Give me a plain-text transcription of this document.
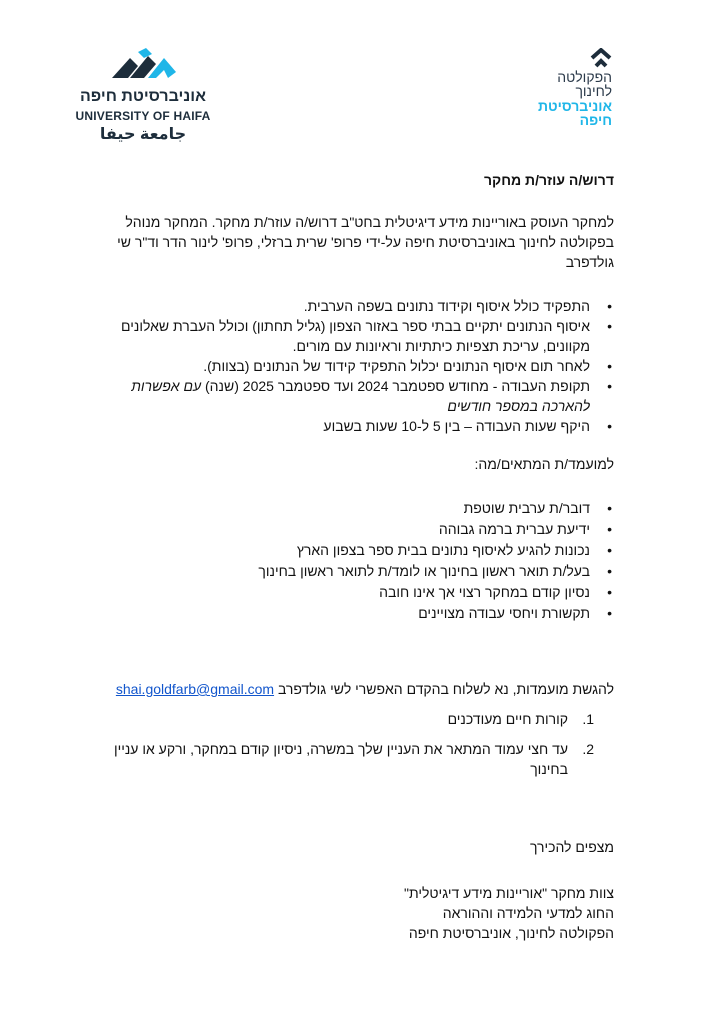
אוניברסיטת חיפה
UNIVERSITY OF HAIFA
جامعة حيفا
הפקולטה
לחינוך
אוניברסיטת
חיפה

דרוש/ה עוזר/ת מחקר

למחקר העוסק באוריינות מידע דיגיטלית בחט"ב דרוש/ה עוזר/ת מחקר. המחקר מנוהל בפקולטה לחינוך באוניברסיטת חיפה על-ידי פרופ' שרית ברזלי, פרופ' לינור הדר וד"ר שי גולדפרב

• התפקיד כולל איסוף וקידוד נתונים בשפה הערבית.
• איסוף הנתונים יתקיים בבתי ספר באזור הצפון (גליל תחתון) וכולל העברת שאלונים מקוונים, עריכת תצפיות כיתתיות וראיונות עם מורים.
• לאחר תום איסוף הנתונים יכלול התפקיד קידוד של הנתונים (בצוות).
• תקופת העבודה - מחודש ספטמבר 2024 ועד ספטמבר 2025 (שנה) עם אפשרות להארכה במספר חודשים
• היקף שעות העבודה – בין 5 ל-10 שעות בשבוע

למועמד/ת המתאים/מה:

• דובר/ת ערבית שוטפת
• ידיעת עברית ברמה גבוהה
• נכונות להגיע לאיסוף נתונים בבית ספר בצפון הארץ
• בעל/ת תואר ראשון בחינוך או לומד/ת לתואר ראשון בחינוך
• נסיון קודם במחקר רצוי אך אינו חובה
• תקשורת ויחסי עבודה מצויינים

להגשת מועמדות, נא לשלוח בהקדם האפשרי לשי גולדפרב shai.goldfarb@gmail.com

1.
קורות חיים מעודכנים
2.
עד חצי עמוד המתאר את העניין שלך במשרה, ניסיון קודם במחקר, ורקע או עניין בחינוך

מצפים להכירך

צוות מחקר "אוריינות מידע דיגיטלית"

החוג למדעי הלמידה וההוראה

הפקולטה לחינוך, אוניברסיטת חיפה
